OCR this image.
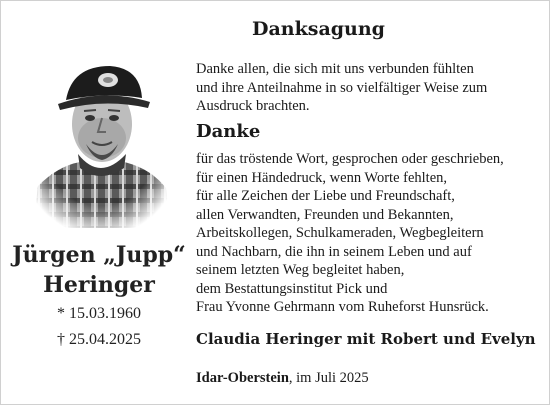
Jürgen „Jupp“
Heringer
* 15.03.1960
† 25.04.2025
Danksagung
Danke allen, die sich mit uns verbunden fühlten
und ihre Anteilnahme in so vielfältiger Weise zum
Ausdruck brachten.
Danke
für das tröstende Wort, gesprochen oder geschrieben,
für einen Händedruck, wenn Worte fehlten,
für alle Zeichen der Liebe und Freundschaft,
allen Verwandten, Freunden und Bekannten,
Arbeitskollegen, Schulkameraden, Wegbegleitern
und Nachbarn, die ihn in seinem Leben und auf
seinem letzten Weg begleitet haben,
dem Bestattungsinstitut Pick und
Frau Yvonne Gehrmann vom Ruheforst Hunsrück.
Claudia Heringer mit Robert und Evelyn
Idar-Oberstein, im Juli 2025
